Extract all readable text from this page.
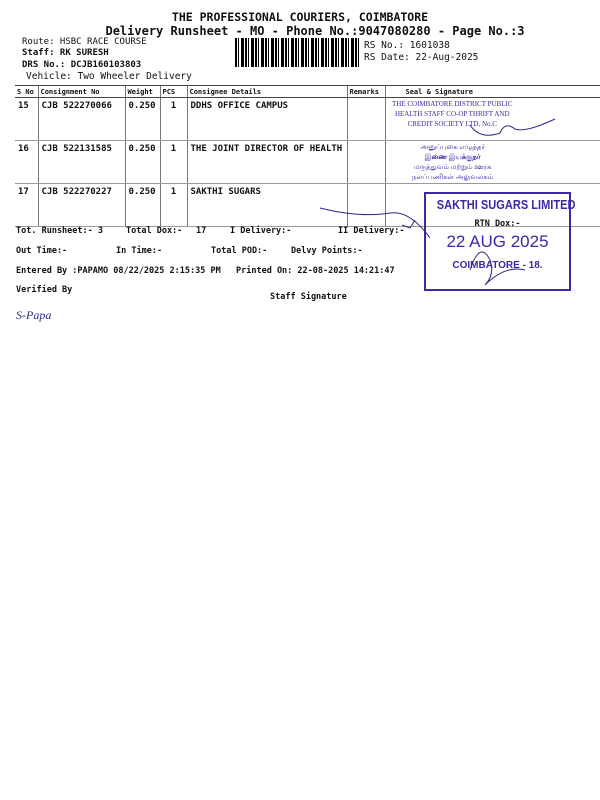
THE PROFESSIONAL COURIERS, COIMBATORE
Delivery Runsheet - MO - Phone No.:9047080280 - Page No.:3
Route: HSBC RACE COURSE
Staff: RK SURESH
DRS No.: DCJB160103803
Vehicle: Two Wheeler Delivery
RS No.: 1601038
RS Date: 22-Aug-2025
S No	Consignment No	Weight	PCS	Consignee Details	Remarks	Seal & Signature
15	CJB 522270066	0.250	1	DDHS OFFICE CAMPUS		
16	CJB 522131585	0.250	1	THE JOINT DIRECTOR OF HEALTH		
17	CJB 522270227	0.250	1	SAKTHI SUGARS		
Tot. Runsheet:- 3	Total Dox:- 17	I Delivery:-	II Delivery:-
Out Time:-	In Time:-	Total POD:-	Delvy Points:-
Entered By :PAPAMO 08/22/2025 2:15:35 PM Printed On: 22-08-2025 14:21:47
Verified By
Staff Signature
THE COIMBATORE DISTRICT PUBLIC
HEALTH STAFF CO-OP THRIFT AND
CREDIT SOCIETY LTD, No.C
அனுப்புகை எழுத்தர்
இணை இயக்குநர்
மருத்துவம் மற்றும் ஊரக
நலப்பணிகள் அலுவலகம்
SAKTHI SUGARS LIMITED
RTN Dox:-
22 AUG 2025
COIMBATORE - 18.
S-Papa
